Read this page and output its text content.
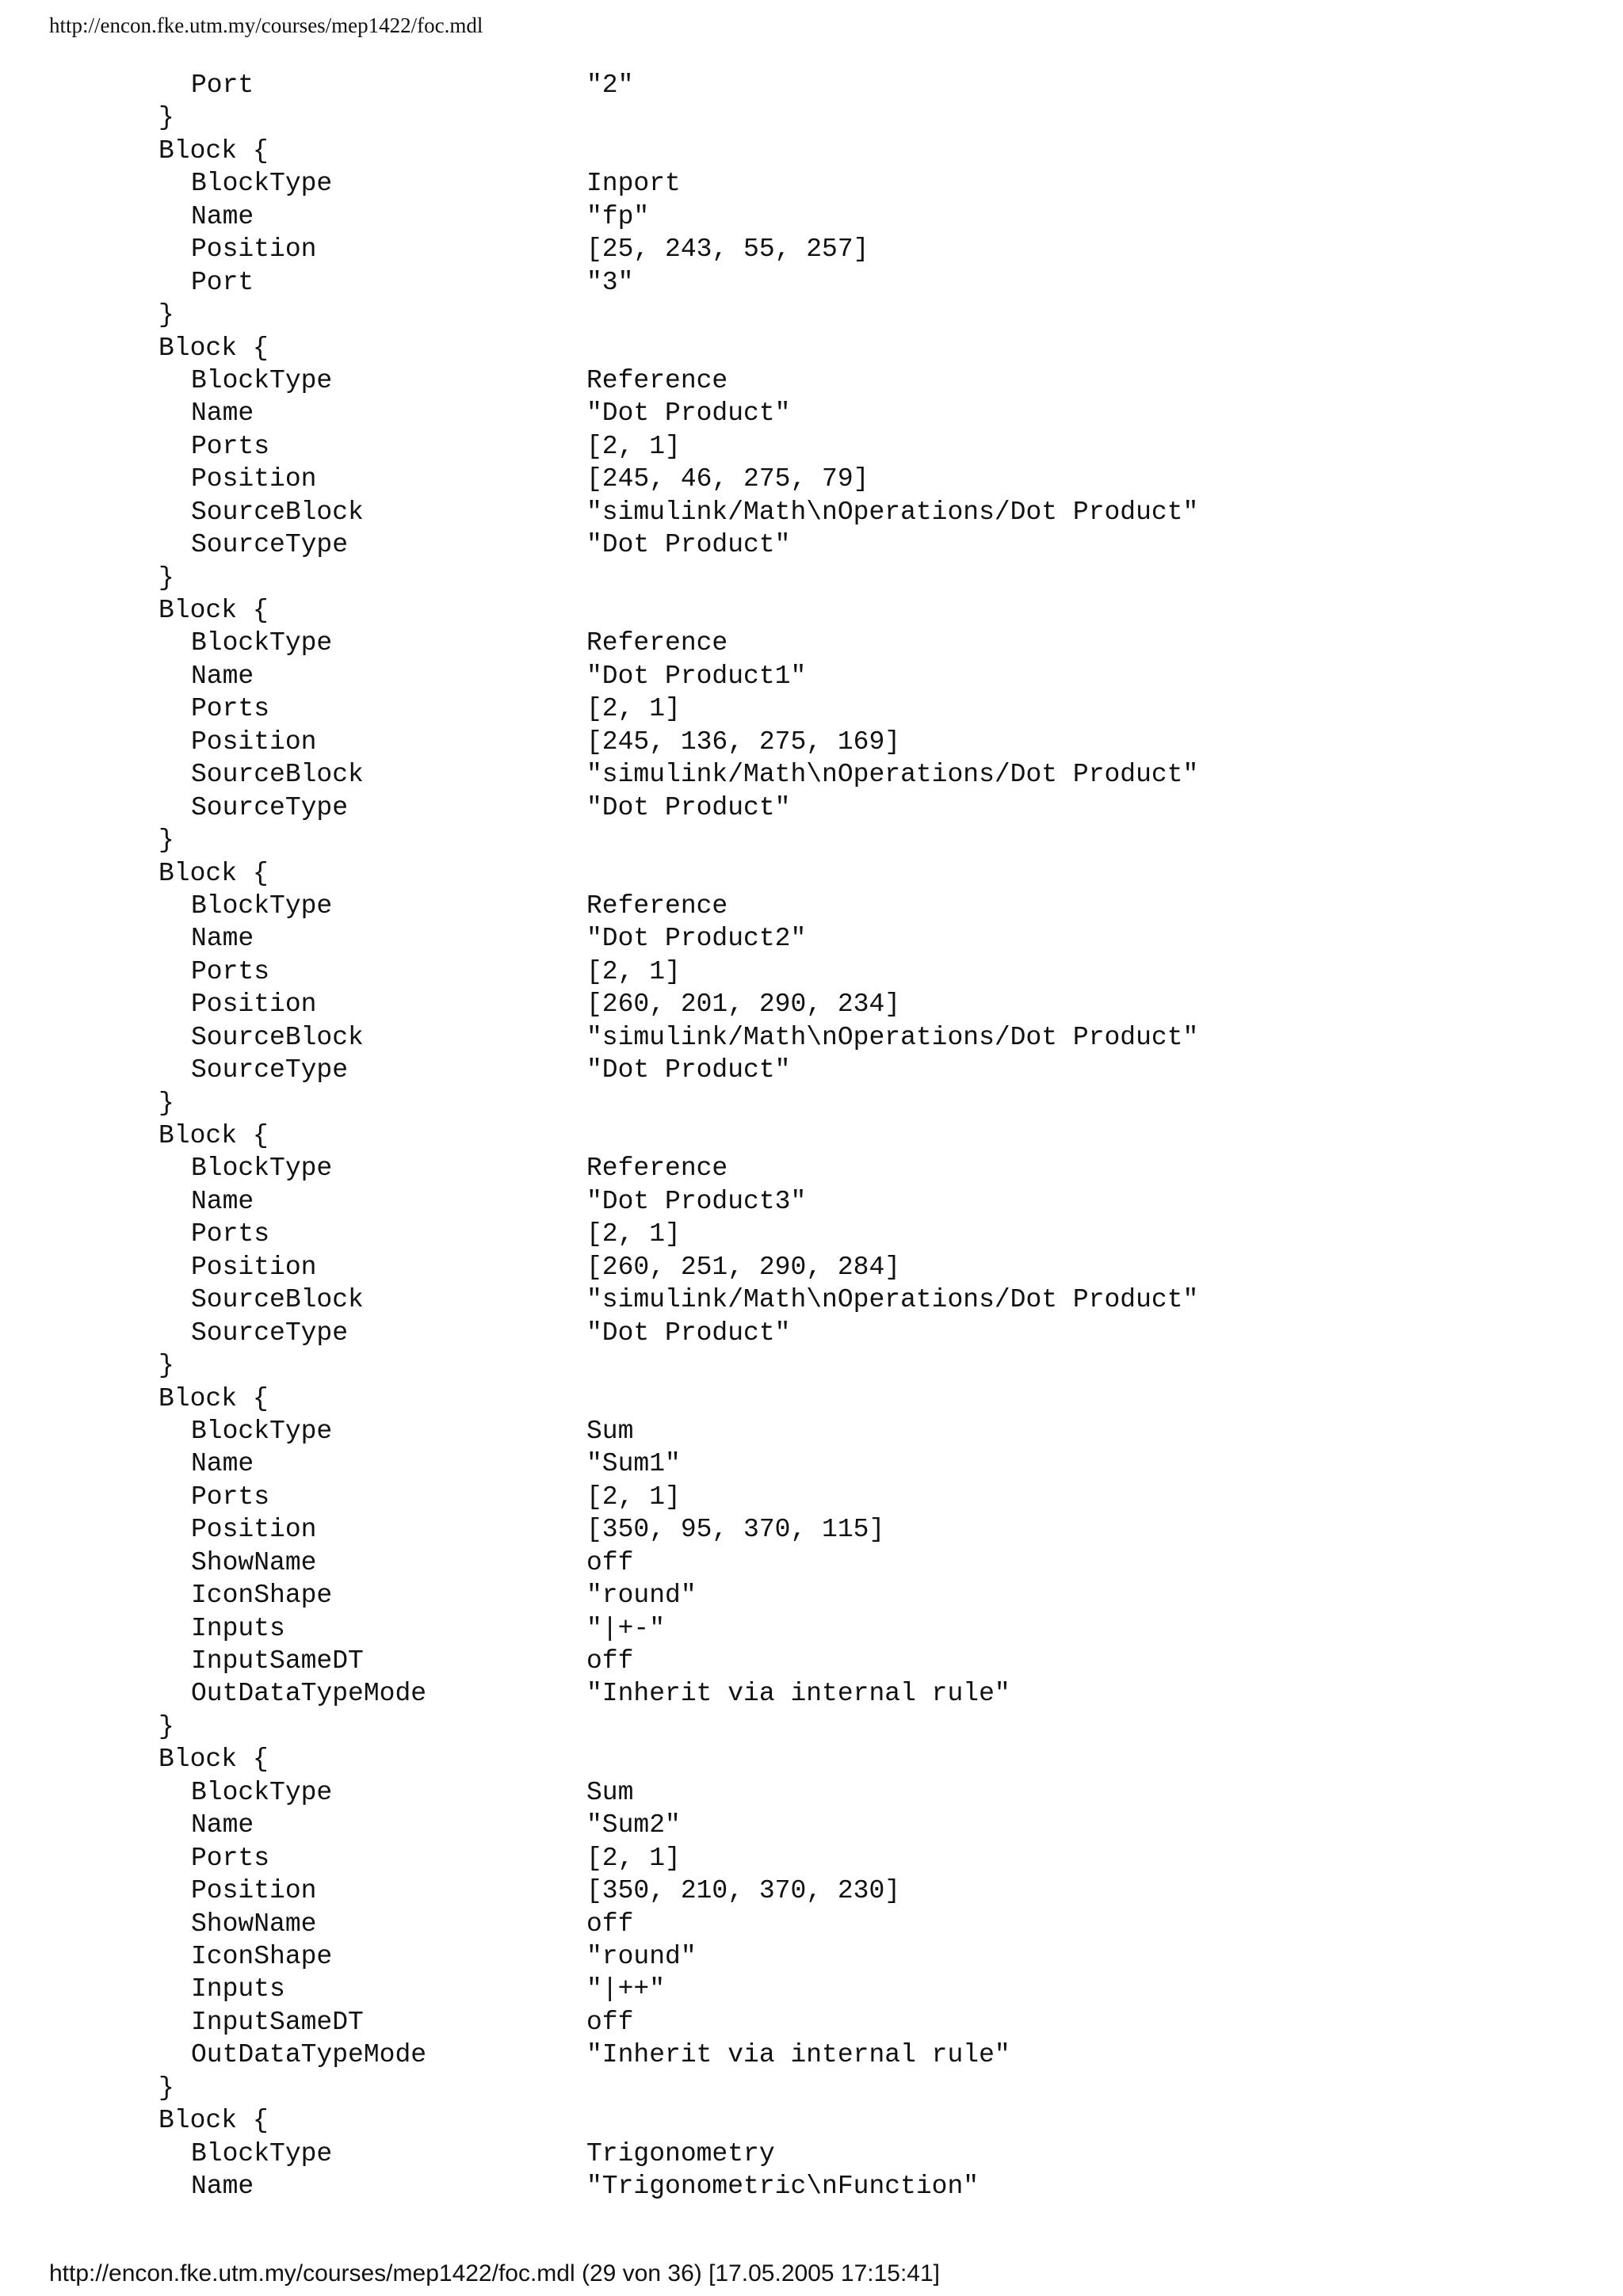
http://encon.fke.utm.my/courses/mep1422/foc.mdl
Port	"2"
}
Block {
BlockType	Inport
Name	"fp"
Position	[25, 243, 55, 257]
Port	"3"
}
Block {
BlockType	Reference
Name	"Dot Product"
Ports	[2, 1]
Position	[245, 46, 275, 79]
SourceBlock	"simulink/Math\nOperations/Dot Product"
SourceType	"Dot Product"
}
Block {
BlockType	Reference
Name	"Dot Product1"
Ports	[2, 1]
Position	[245, 136, 275, 169]
SourceBlock	"simulink/Math\nOperations/Dot Product"
SourceType	"Dot Product"
}
Block {
BlockType	Reference
Name	"Dot Product2"
Ports	[2, 1]
Position	[260, 201, 290, 234]
SourceBlock	"simulink/Math\nOperations/Dot Product"
SourceType	"Dot Product"
}
Block {
BlockType	Reference
Name	"Dot Product3"
Ports	[2, 1]
Position	[260, 251, 290, 284]
SourceBlock	"simulink/Math\nOperations/Dot Product"
SourceType	"Dot Product"
}
Block {
BlockType	Sum
Name	"Sum1"
Ports	[2, 1]
Position	[350, 95, 370, 115]
ShowName	off
IconShape	"round"
Inputs	"|+-"
InputSameDT	off
OutDataTypeMode	"Inherit via internal rule"
}
Block {
BlockType	Sum
Name	"Sum2"
Ports	[2, 1]
Position	[350, 210, 370, 230]
ShowName	off
IconShape	"round"
Inputs	"|++"
InputSameDT	off
OutDataTypeMode	"Inherit via internal rule"
}
Block {
BlockType	Trigonometry
Name	"Trigonometric\nFunction"
http://encon.fke.utm.my/courses/mep1422/foc.mdl (29 von 36) [17.05.2005 17:15:41]
